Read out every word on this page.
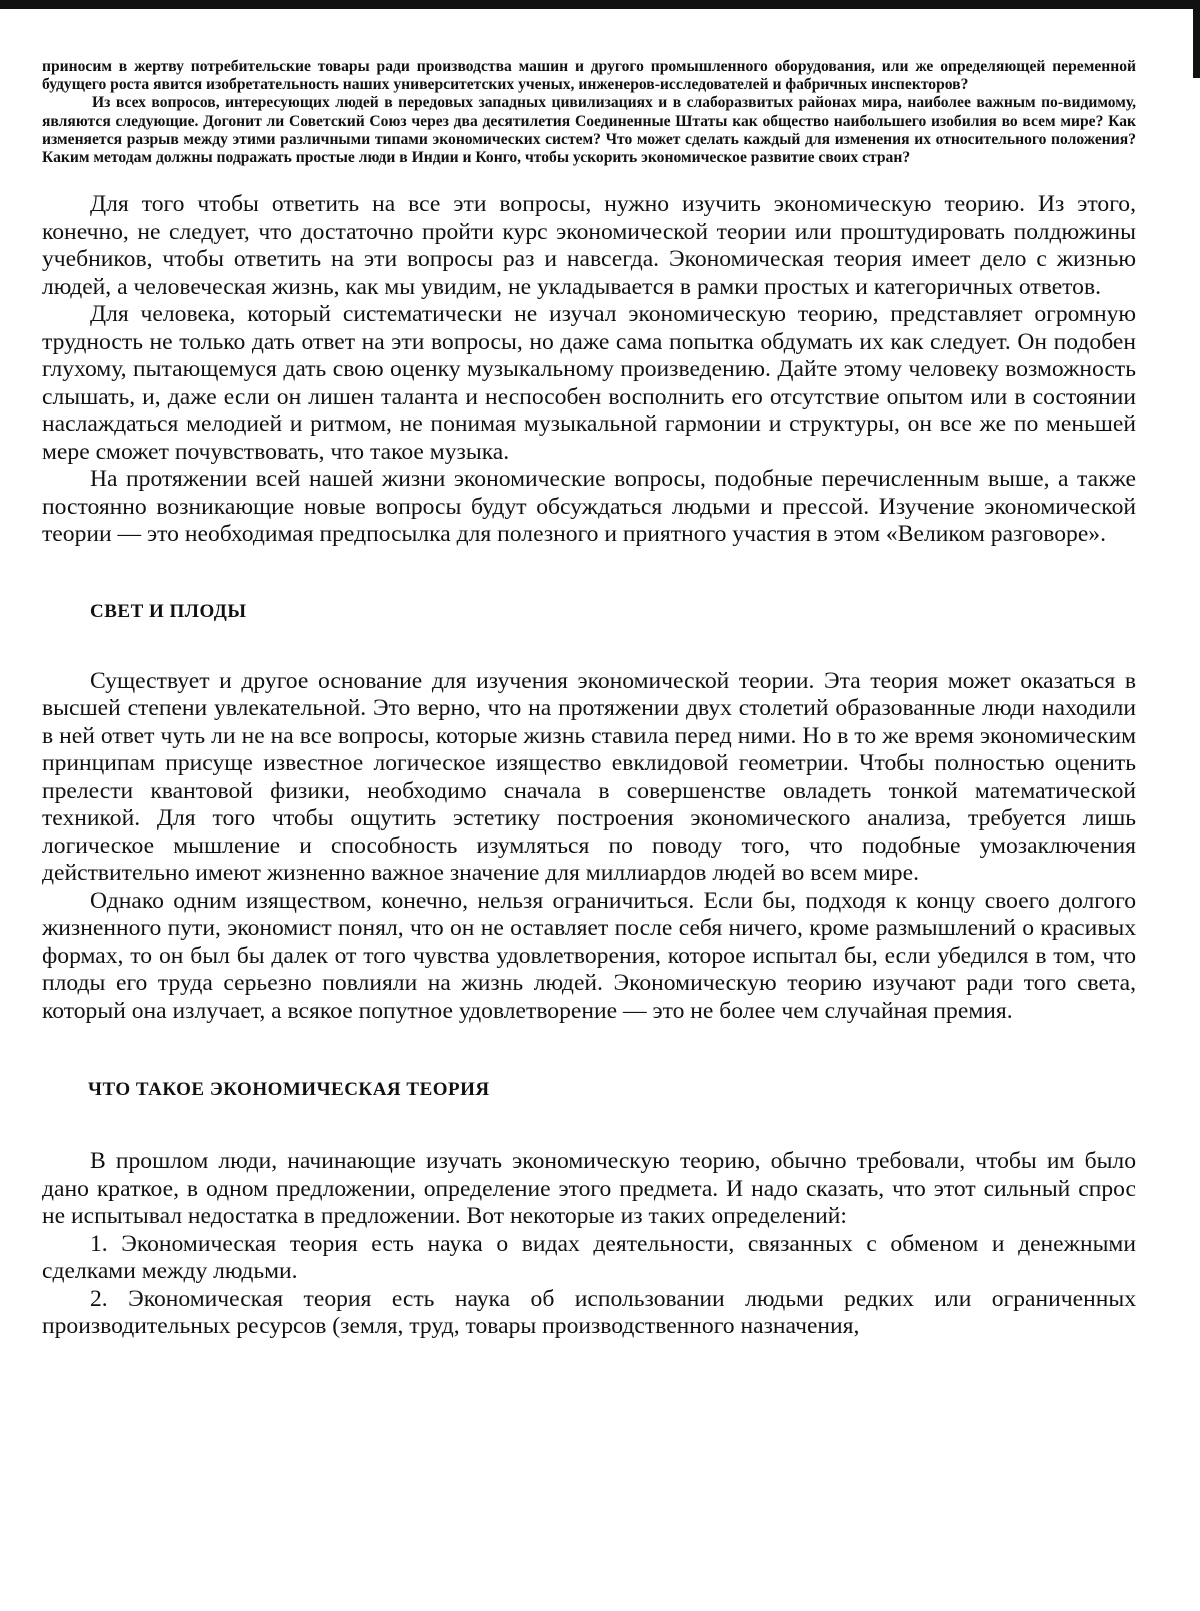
приносим в жертву потребительские товары ради производства машин и другого промышленного оборудования, или же определяющей переменной будущего роста явится изобретательность наших университетских ученых, инженеров-исследователей и фабричных инспекторов?

Из всех вопросов, интересующих людей в передовых западных цивилизациях и в слаборазвитых районах мира, наиболее важным по-видимому, являются следующие. Догонит ли Советский Союз через два десятилетия Соединенные Штаты как общество наибольшего изобилия во всем мире? Как изменяется разрыв между этими различными типами экономических систем? Что может сделать каждый для изменения их относительного положения? Каким методам должны подражать простые люди в Индии и Конго, чтобы ускорить экономическое развитие своих стран?

Для того чтобы ответить на все эти вопросы, нужно изучить экономическую теорию. Из этого, конечно, не следует, что достаточно пройти курс экономической теории или проштудировать полдюжины учебников, чтобы ответить на эти вопросы раз и навсегда. Экономическая теория имеет дело с жизнью людей, а человеческая жизнь, как мы увидим, не укладывается в рамки простых и категоричных ответов.

Для человека, который систематически не изучал экономическую теорию, представляет огромную трудность не только дать ответ на эти вопросы, но даже сама попытка обдумать их как следует. Он подобен глухому, пытающемуся дать свою оценку музыкальному произведению. Дайте этому человеку возможность слышать, и, даже если он лишен таланта и неспособен восполнить его отсутствие опытом или в состоянии наслаждаться мелодией и ритмом, не понимая музыкальной гармонии и структуры, он все же по меньшей мере сможет почувствовать, что такое музыка.

На протяжении всей нашей жизни экономические вопросы, подобные перечисленным выше, а также постоянно возникающие новые вопросы будут обсуждаться людьми и прессой. Изучение экономической теории — это необходимая предпосылка для полезного и приятного участия в этом «Великом разговоре».

СВЕТ И ПЛОДЫ

Существует и другое основание для изучения экономической теории. Эта теория может оказаться в высшей степени увлекательной. Это верно, что на протяжении двух столетий образованные люди находили в ней ответ чуть ли не на все вопросы, которые жизнь ставила перед ними. Но в то же время экономическим принципам присуще известное логическое изящество евклидовой геометрии. Чтобы полностью оценить прелести квантовой физики, необходимо сначала в совершенстве овладеть тонкой математической техникой. Для того чтобы ощутить эстетику построения экономического анализа, требуется лишь логическое мышление и способность изумляться по поводу того, что подобные умозаключения действительно имеют жизненно важное значение для миллиардов людей во всем мире.

Однако одним изяществом, конечно, нельзя ограничиться. Если бы, подходя к концу своего долгого жизненного пути, экономист понял, что он не оставляет после себя ничего, кроме размышлений о красивых формах, то он был бы далек от того чувства удовлетворения, которое испытал бы, если убедился в том, что плоды его труда серьезно повлияли на жизнь людей. Экономическую теорию изучают ради того света, который она излучает, а всякое попутное удовлетворение — это не более чем случайная премия.

ЧТО ТАКОЕ ЭКОНОМИЧЕСКАЯ ТЕОРИЯ

В прошлом люди, начинающие изучать экономическую теорию, обычно требовали, чтобы им было дано краткое, в одном предложении, определение этого предмета. И надо сказать, что этот сильный спрос не испытывал недостатка в предложении. Вот некоторые из таких определений:

1. Экономическая теория есть наука о видах деятельности, связанных с обменом и денежными сделками между людьми.

2. Экономическая теория есть наука об использовании людьми редких или ограниченных производительных ресурсов (земля, труд, товары производственного назначения,
